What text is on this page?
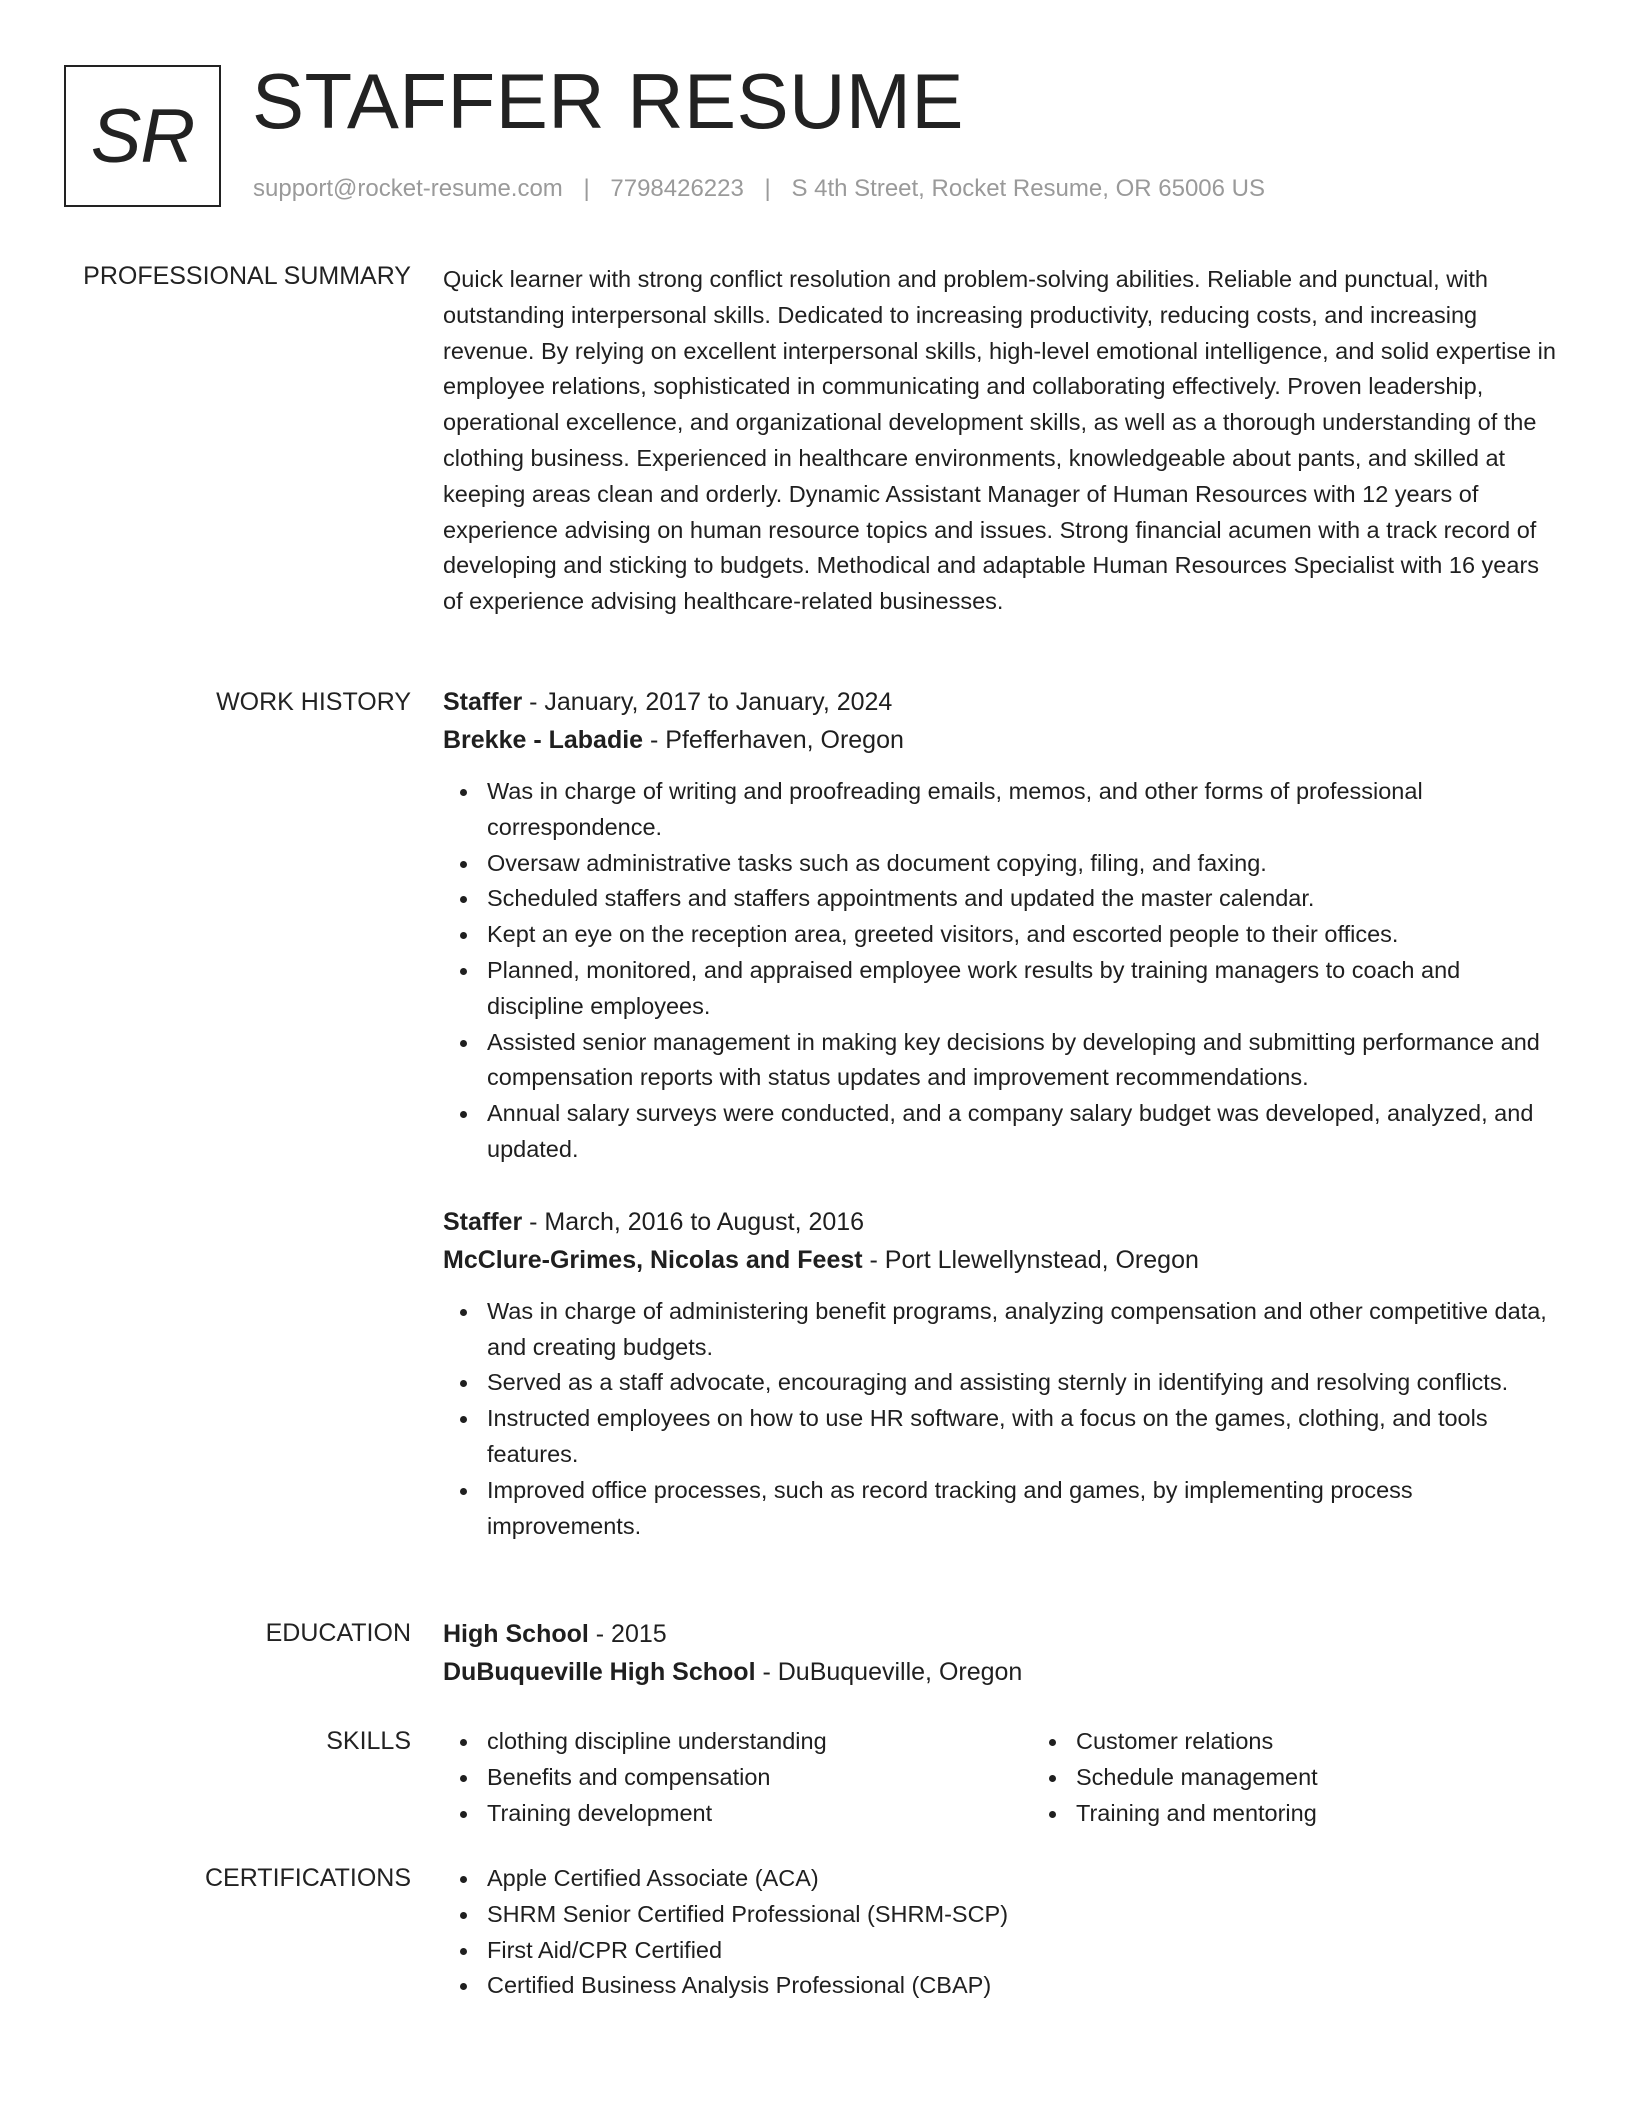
SR STAFFER RESUME
support@rocket-resume.com | 7798426223 | S 4th Street, Rocket Resume, OR 65006 US
PROFESSIONAL SUMMARY Quick learner with strong conflict resolution and problem-solving abilities. Reliable and punctual, with outstanding interpersonal skills. Dedicated to increasing productivity, reducing costs, and increasing revenue. By relying on excellent interpersonal skills, high-level emotional intelligence, and solid expertise in employee relations, sophisticated in communicating and collaborating effectively. Proven leadership, operational excellence, and organizational development skills, as well as a thorough understanding of the clothing business. Experienced in healthcare environments, knowledgeable about pants, and skilled at keeping areas clean and orderly. Dynamic Assistant Manager of Human Resources with 12 years of experience advising on human resource topics and issues. Strong financial acumen with a track record of developing and sticking to budgets. Methodical and adaptable Human Resources Specialist with 16 years of experience advising healthcare-related businesses.

WORK HISTORY Staffer - January, 2017 to January, 2024
Brekke - Labadie - Pfefferhaven, Oregon
Was in charge of writing and proofreading emails, memos, and other forms of professional correspondence.
Oversaw administrative tasks such as document copying, filing, and faxing.
Scheduled staffers and staffers appointments and updated the master calendar.
Kept an eye on the reception area, greeted visitors, and escorted people to their offices.
Planned, monitored, and appraised employee work results by training managers to coach and discipline employees.
Assisted senior management in making key decisions by developing and submitting performance and compensation reports with status updates and improvement recommendations.
Annual salary surveys were conducted, and a company salary budget was developed, analyzed, and updated.
Staffer - March, 2016 to August, 2016
McClure-Grimes, Nicolas and Feest - Port Llewellynstead, Oregon
Was in charge of administering benefit programs, analyzing compensation and other competitive data, and creating budgets.
Served as a staff advocate, encouraging and assisting sternly in identifying and resolving conflicts.
Instructed employees on how to use HR software, with a focus on the games, clothing, and tools features.
Improved office processes, such as record tracking and games, by implementing process improvements.
EDUCATION High School - 2015
DuBuqueville High School - DuBuqueville, Oregon
SKILLS	clothing discipline understanding
Benefits and compensation
Training development
Customer relations
Schedule management
Training and mentoring
CERTIFICATIONS	Apple Certified Associate (ACA)
SHRM Senior Certified Professional (SHRM-SCP)
First Aid/CPR Certified
Certified Business Analysis Professional (CBAP)
